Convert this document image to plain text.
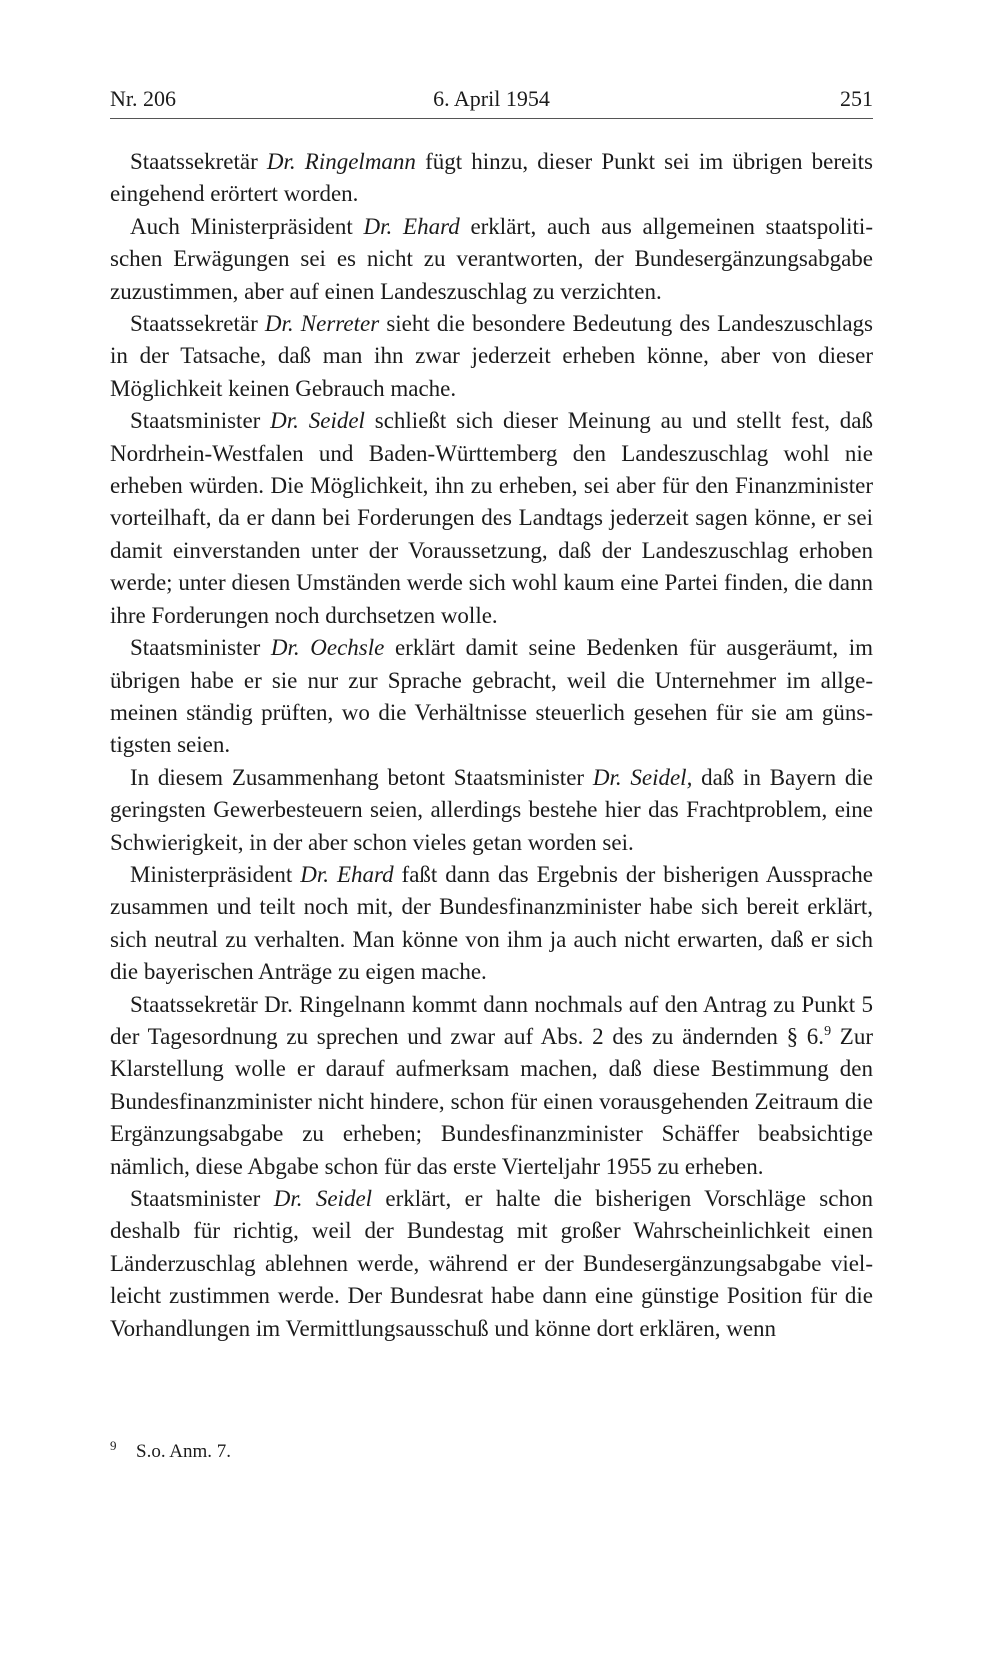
Nr. 206	6. April 1954	251

Staatssekretär Dr. Ringelmann fügt hinzu, dieser Punkt sei im übrigen bereits eingehend erörtert worden.

Auch Ministerpräsident Dr. Ehard erklärt, auch aus allgemeinen staatspolitischen Erwägungen sei es nicht zu verantworten, der Bundesergänzungsabgabe zuzustimmen, aber auf einen Landeszuschlag zu verzichten.

Staatssekretär Dr. Nerreter sieht die besondere Bedeutung des Landeszuschlags in der Tatsache, daß man ihn zwar jederzeit erheben könne, aber von dieser Möglichkeit keinen Gebrauch mache.

Staatsminister Dr. Seidel schließt sich dieser Meinung au und stellt fest, daß Nordrhein-Westfalen und Baden-Württemberg den Landeszuschlag wohl nie erheben würden. Die Möglichkeit, ihn zu erheben, sei aber für den Finanzminister vorteilhaft, da er dann bei Forderungen des Landtags jederzeit sagen könne, er sei damit einverstanden unter der Voraussetzung, daß der Landeszuschlag erhoben werde; unter diesen Umständen werde sich wohl kaum eine Partei finden, die dann ihre Forderungen noch durchsetzen wolle.

Staatsminister Dr. Oechsle erklärt damit seine Bedenken für ausgeräumt, im übrigen habe er sie nur zur Sprache gebracht, weil die Unternehmer im allgemeinen ständig prüften, wo die Verhältnisse steuerlich gesehen für sie am günstigsten seien.

In diesem Zusammenhang betont Staatsminister Dr. Seidel, daß in Bayern die geringsten Gewerbesteuern seien, allerdings bestehe hier das Frachtproblem, eine Schwierigkeit, in der aber schon vieles getan worden sei.

Ministerpräsident Dr. Ehard faßt dann das Ergebnis der bisherigen Aussprache zusammen und teilt noch mit, der Bundesfinanzminister habe sich bereit erklärt, sich neutral zu verhalten. Man könne von ihm ja auch nicht erwarten, daß er sich die bayerischen Anträge zu eigen mache.

Staatssekretär Dr. Ringelnann kommt dann nochmals auf den Antrag zu Punkt 5 der Tagesordnung zu sprechen und zwar auf Abs. 2 des zu ändernden § 6.$^9$ Zur Klarstellung wolle er darauf aufmerksam machen, daß diese Bestimmung den Bundesfinanzminister nicht hindere, schon für einen vorausgehenden Zeitraum die Ergänzungsabgabe zu erheben; Bundesfinanzminister Schäffer beabsichtige nämlich, diese Abgabe schon für das erste Vierteljahr 1955 zu erheben.

Staatsminister Dr. Seidel erklärt, er halte die bisherigen Vorschläge schon deshalb für richtig, weil der Bundestag mit großer Wahrscheinlichkeit einen Länderzuschlag ablehnen werde, während er der Bundesergänzungsabgabe vielleicht zustimmen werde. Der Bundesrat habe dann eine günstige Position für die Vorhandlungen im Vermittlungsausschuß und könne dort erklären, wenn

9 S.o. Anm. 7.
